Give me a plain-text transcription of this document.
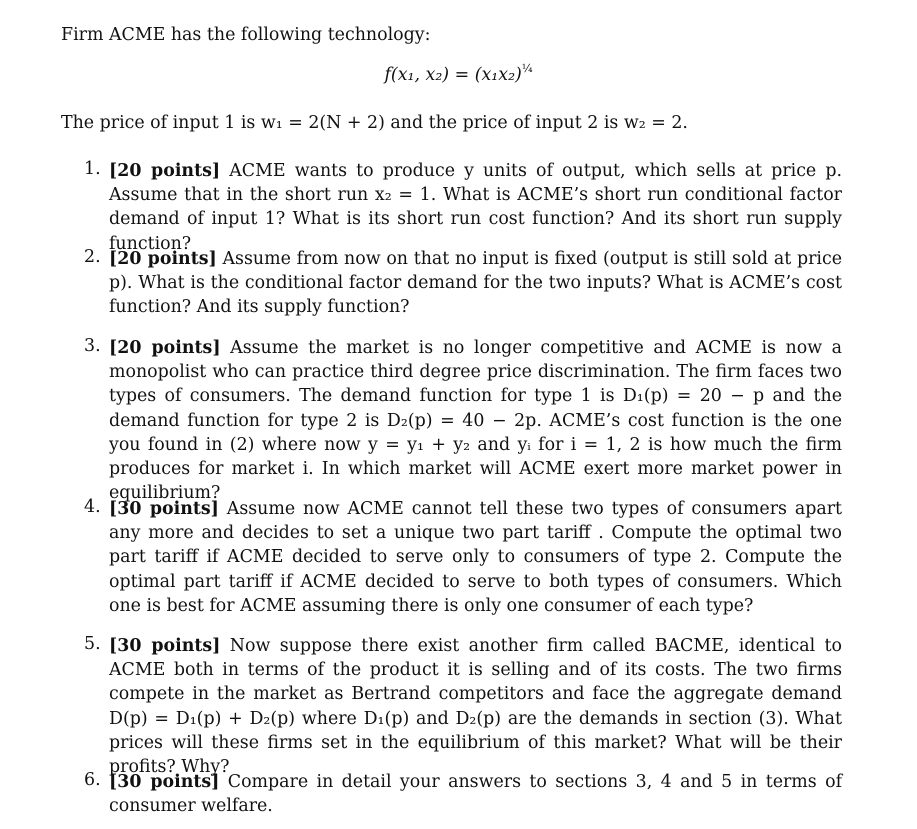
Firm ACME has the following technology:

f(x₁, $x_2) = (x_1x_2)^{\frac{1}{4}}$

The price of input 1 is w₁ = 2(N + 2) and the price of input 2 is w₂ = 2.

1. [20 points] ACME wants to produce y units of output, which sells at price p. Assume that in the short run x₂ = 1. What is ACME’s short run conditional factor demand of input 1? What is its short run cost function? And its short run supply function?
2. [20 points] Assume from now on that no input is fixed (output is still sold at price p). What is the conditional factor demand for the two inputs? What is ACME’s cost function? And its supply function?
3. [20 points] Assume the market is no longer competitive and ACME is now a monopolist who can practice third degree price discrimination. The firm faces two types of consumers. The demand function for type 1 is D₁(p) = 20 − p and the demand function for type 2 is D₂(p) = 40 − 2p. ACME’s cost function is the one you found in (2) where now y = y₁ + y₂ and yᵢ for i = 1, 2 is how much the firm produces for market i. In which market will ACME exert more market power in equilibrium?
4. [30 points] Assume now ACME cannot tell these two types of consumers apart any more and decides to set a unique two part tariff . Compute the optimal two part tariff if ACME decided to serve only to consumers of type 2. Compute the optimal part tariff if ACME decided to serve to both types of consumers. Which one is best for ACME assuming there is only one consumer of each type?
5. [30 points] Now suppose there exist another firm called BACME, identical to ACME both in terms of the product it is selling and of its costs. The two firms compete in the market as Bertrand competitors and face the aggregate demand D(p) = D₁(p) + D₂(p) where D₁(p) and D₂(p) are the demands in section (3). What prices will these firms set in the equilibrium of this market? What will be their profits? Why?
6. [30 points] Compare in detail your answers to sections 3, 4 and 5 in terms of consumer welfare.
